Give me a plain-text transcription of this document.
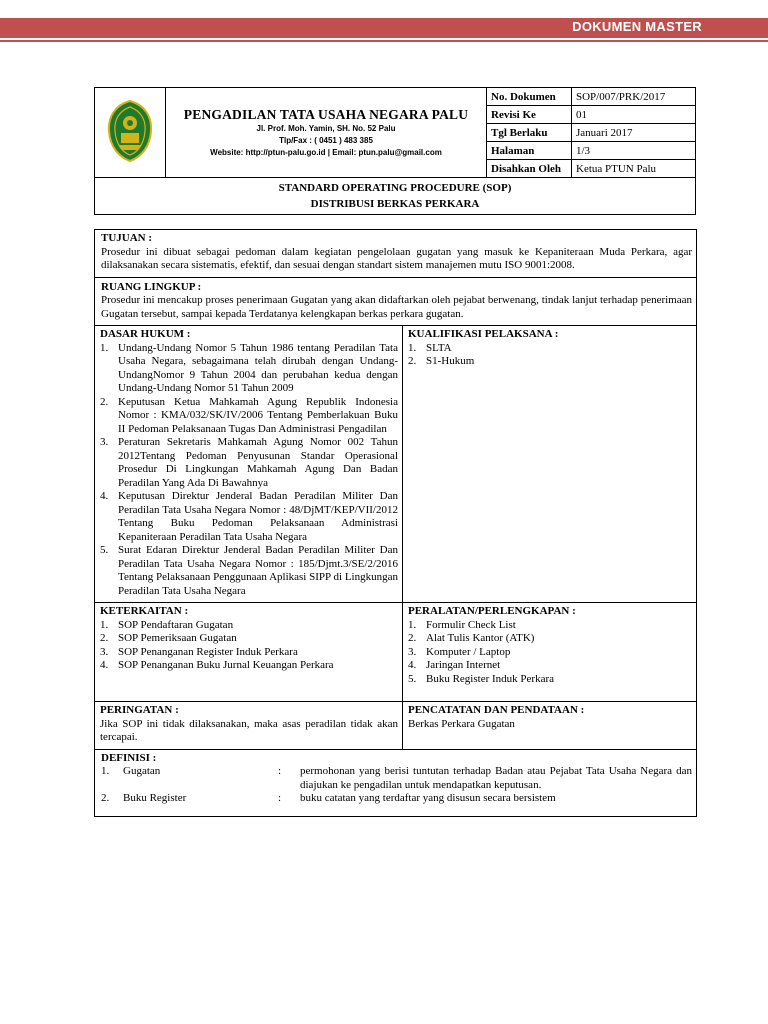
DOKUMEN MASTER

PENGADILAN TATA USAHA NEGARA PALU
Jl. Prof. Moh. Yamin, SH. No. 52 Palu
Tlp/Fax : ( 0451 ) 483 385
Website: http://ptun-palu.go.id | Email: ptun.palu@gmail.com	No. Dokumen	SOP/007/PRK/2017
		Revisi Ke	01
		Tgl Berlaku	Januari 2017
		Halaman	1/3
		Disahkan Oleh	Ketua PTUN Palu

STANDARD OPERATING PROCEDURE (SOP)
DISTRIBUSI BERKAS PERKARA			
TUJUAN :
Prosedur ini dibuat sebagai pedoman dalam kegiatan pengelolaan gugatan yang masuk ke Kepaniteraan Muda Perkara, agar dilaksanakan secara sistematis, efektif, dan sesuai dengan standart sistem manajemen mutu ISO 9001:2008.
RUANG LINGKUP :
Prosedur ini mencakup proses penerimaan Gugatan yang akan didaftarkan oleh pejabat berwenang, tindak lanjut terhadap penerimaan Gugatan tersebut, sampai kepada Terdatanya kelengkapan berkas perkara gugatan.
DASAR HUKUM :
1. Undang-Undang Nomor 5 Tahun 1986 tentang Peradilan Tata Usaha Negara, sebagaimana telah dirubah dengan Undang-UndangNomor 9 Tahun 2004 dan perubahan kedua dengan Undang-Undang Nomor 51 Tahun 2009
2. Keputusan Ketua Mahkamah Agung Republik Indonesia Nomor : KMA/032/SK/IV/2006 Tentang Pemberlakuan Buku II Pedoman Pelaksanaan Tugas Dan Administrasi Pengadilan
3. Peraturan Sekretaris Mahkamah Agung Nomor 002 Tahun 2012Tentang Pedoman Penyusunan Standar Operasional Prosedur Di Lingkungan Mahkamah Agung Dan Badan Peradilan Yang Ada Di Bawahnya
4. Keputusan Direktur Jenderal Badan Peradilan Militer Dan Peradilan Tata Usaha Negara Nomor : 48/DjMT/KEP/VII/2012 Tentang Buku Pedoman Pelaksanaan Administrasi Kepaniteraan Peradilan Tata Usaha Negara
5. Surat Edaran Direktur Jenderal Badan Peradilan Militer Dan Peradilan Tata Usaha Negara Nomor : 185/Djmt.3/SE/2/2016 Tentang Pelaksanaan Penggunaan Aplikasi SIPP di Lingkungan Peradilan Tata Usaha Negara
KUALIFIKASI PELAKSANA :
1. SLTA
2. S1-Hukum
KETERKAITAN :
1. SOP Pendaftaran Gugatan
2. SOP Pemeriksaan Gugatan
3. SOP Penanganan Register Induk Perkara
4. SOP Penanganan Buku Jurnal Keuangan Perkara
PERALATAN/PERLENGKAPAN :
1. Formulir Check List
2. Alat Tulis Kantor (ATK)
3. Komputer / Laptop
4. Jaringan Internet
5. Buku Register Induk Perkara
PERINGATAN :
Jika SOP ini tidak dilaksanakan, maka asas peradilan tidak akan tercapai.
PENCATATAN DAN PENDATAAN :
Berkas Perkara Gugatan
DEFINISI :
1.	Gugatan	:	permohonan yang berisi tuntutan terhadap Badan atau Pejabat Tata Usaha Negara dan diajukan ke pengadilan untuk mendapatkan keputusan.
2.	Buku Register	:	buku catatan yang terdaftar yang disusun secara bersistem
